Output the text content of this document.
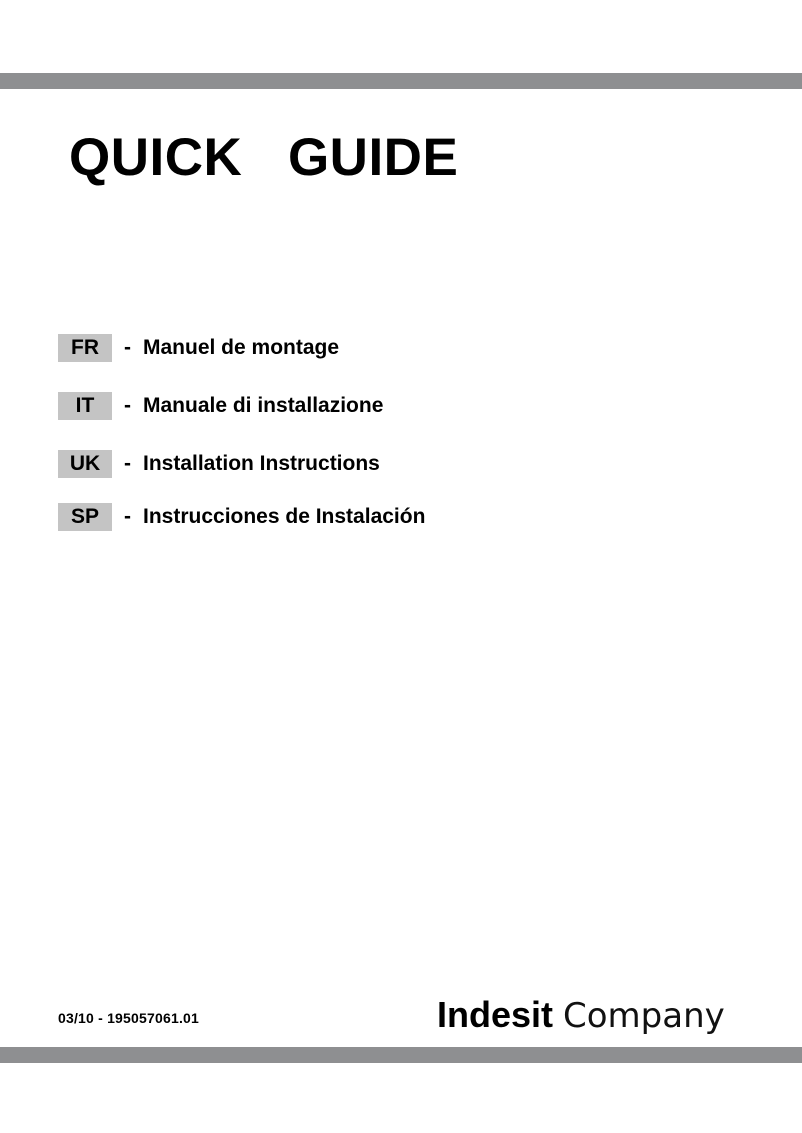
QUICK   GUIDE
FR	- Manuel de montage
IT	- Manuale di installazione
UK	- Installation Instructions
SP	- Instrucciones de Instalación
03/10 - 195057061.01	Indesit Company
